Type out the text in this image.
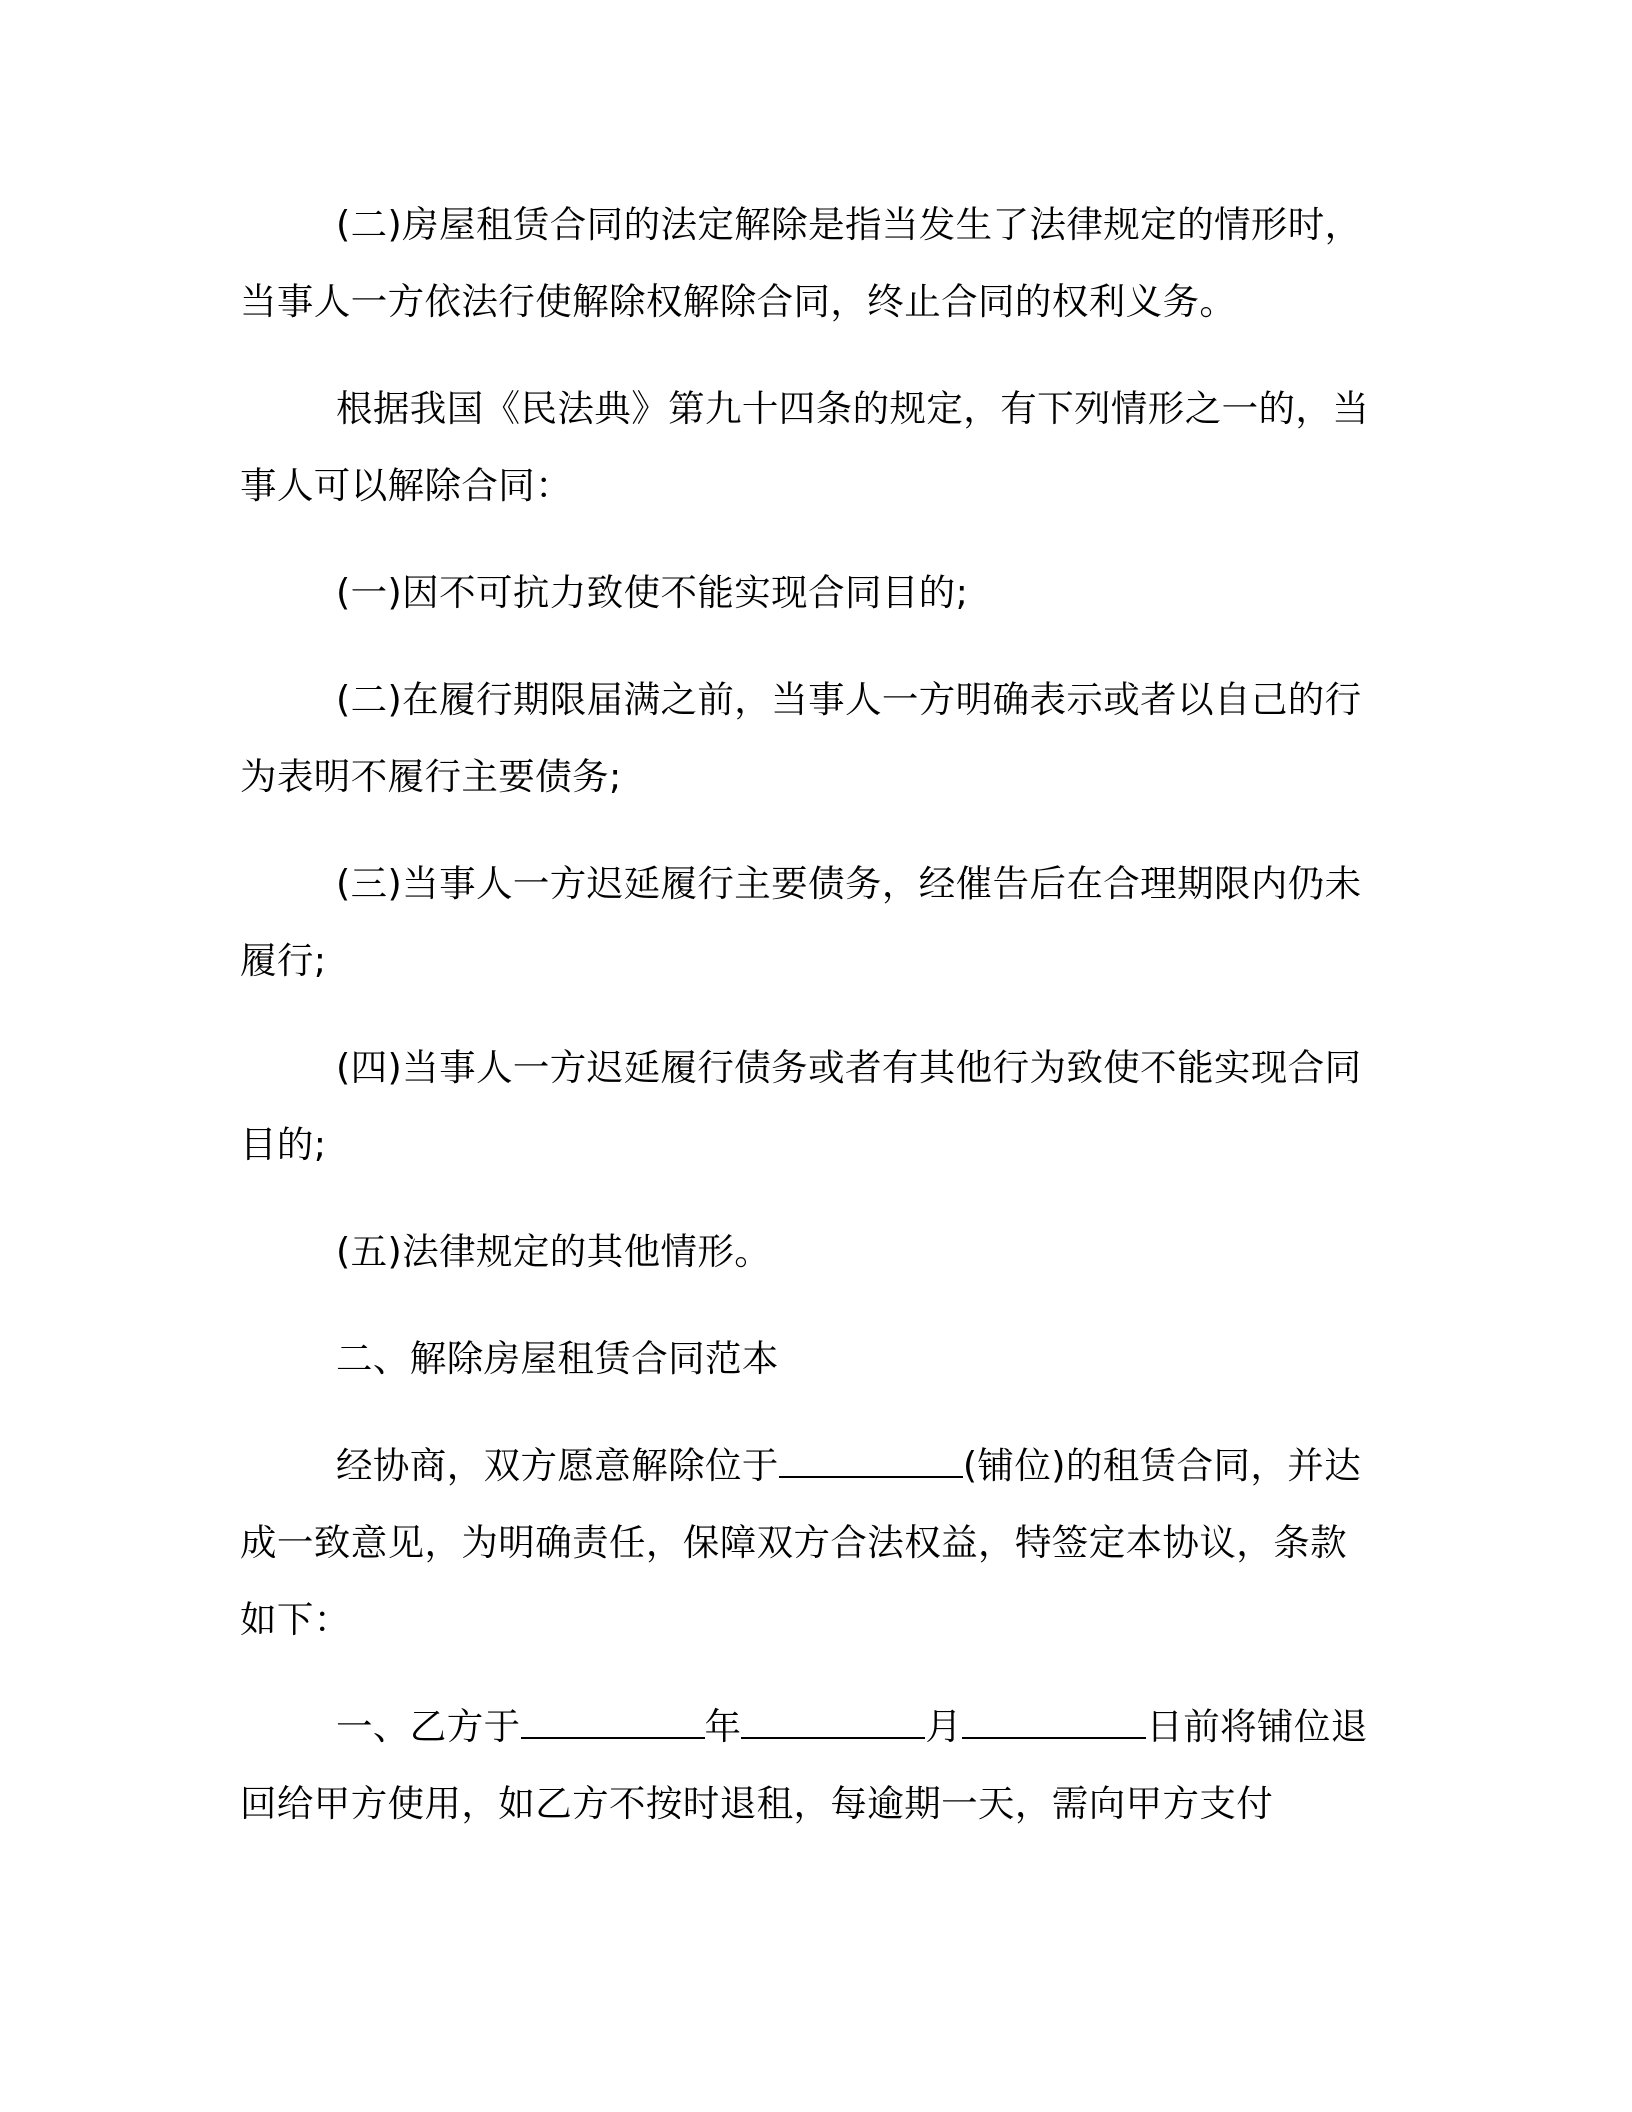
(二)房屋租赁合同的法定解除是指当发生了法律规定的情形时，当事人一方依法行使解除权解除合同，终止合同的权利义务。

根据我国《民法典》第九十四条的规定，有下列情形之一的，当事人可以解除合同：

(一)因不可抗力致使不能实现合同目的;

(二)在履行期限届满之前，当事人一方明确表示或者以自己的行为表明不履行主要债务;

(三)当事人一方迟延履行主要债务，经催告后在合理期限内仍未履行;

(四)当事人一方迟延履行债务或者有其他行为致使不能实现合同目的;

(五)法律规定的其他情形。

二、解除房屋租赁合同范本

经协商，双方愿意解除位于	(铺位)的租赁合同，并达成一致意见，为明确责任，保障双方合法权益，特签定本协议，条款如下：

一、乙方于	年	月	日前将铺位退回给甲方使用，如乙方不按时退租，每逾期一天，需向甲方支付
